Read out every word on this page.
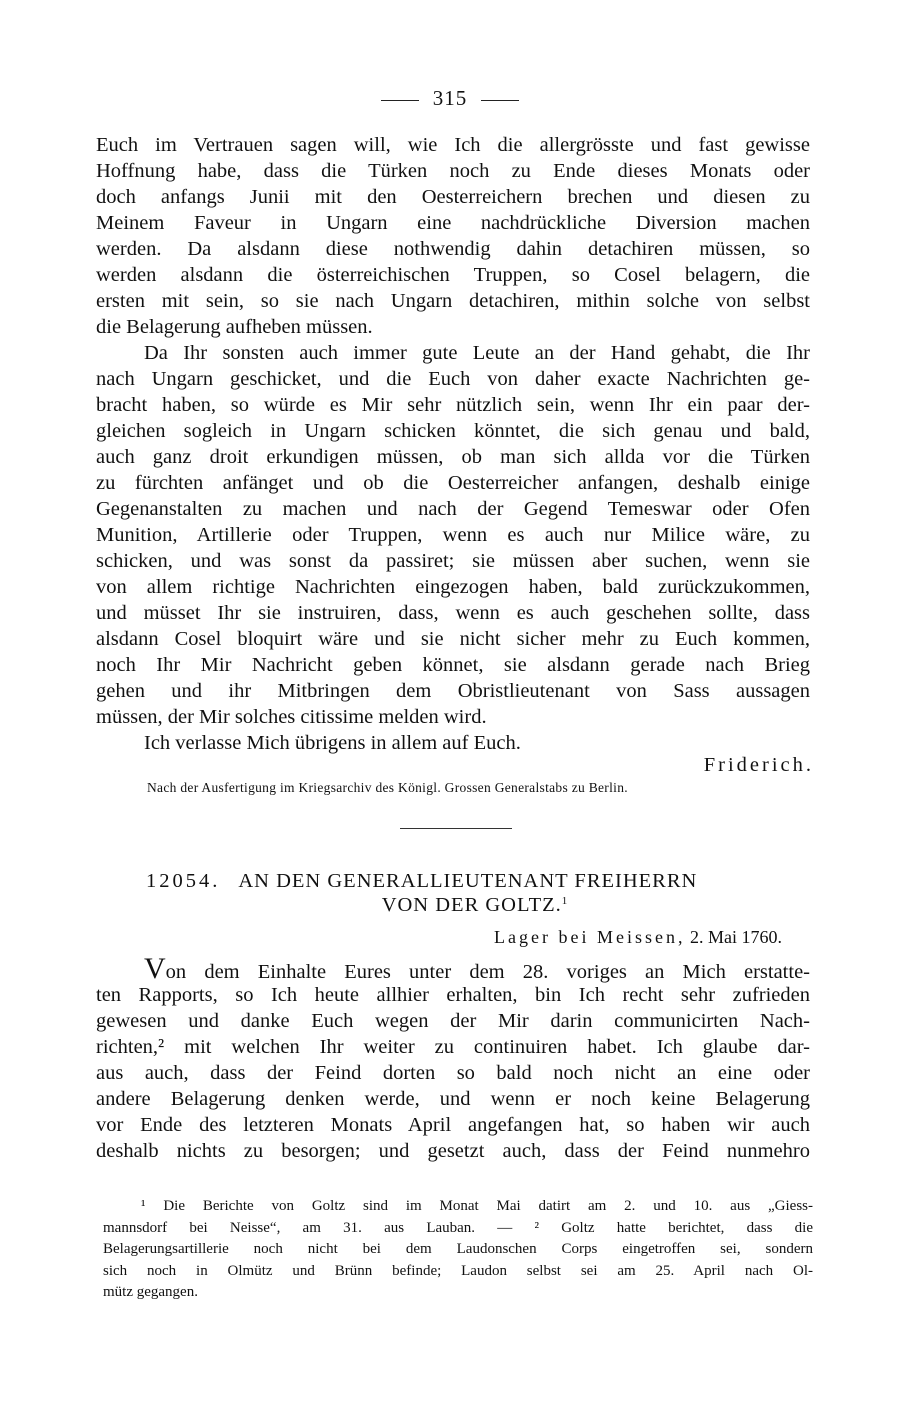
315
Euch im Vertrauen sagen will, wie Ich die allergrösste und fast gewisse
Hoffnung habe, dass die Türken noch zu Ende dieses Monats oder
doch anfangs Junii mit den Oesterreichern brechen und diesen zu
Meinem Faveur in Ungarn eine nachdrückliche Diversion machen
werden. Da alsdann diese nothwendig dahin detachiren müssen, so
werden alsdann die österreichischen Truppen, so Cosel belagern, die
ersten mit sein, so sie nach Ungarn detachiren, mithin solche von selbst
die Belagerung aufheben müssen.
Da Ihr sonsten auch immer gute Leute an der Hand gehabt, die Ihr
nach Ungarn geschicket, und die Euch von daher exacte Nachrichten ge-
bracht haben, so würde es Mir sehr nützlich sein, wenn Ihr ein paar der-
gleichen sogleich in Ungarn schicken könntet, die sich genau und bald,
auch ganz droit erkundigen müssen, ob man sich allda vor die Türken
zu fürchten anfänget und ob die Oesterreicher anfangen, deshalb einige
Gegenanstalten zu machen und nach der Gegend Temeswar oder Ofen
Munition, Artillerie oder Truppen, wenn es auch nur Milice wäre, zu
schicken, und was sonst da passiret; sie müssen aber suchen, wenn sie
von allem richtige Nachrichten eingezogen haben, bald zurückzukommen,
und müsset Ihr sie instruiren, dass, wenn es auch geschehen sollte, dass
alsdann Cosel bloquirt wäre und sie nicht sicher mehr zu Euch kommen,
noch Ihr Mir Nachricht geben könnet, sie alsdann gerade nach Brieg
gehen und ihr Mitbringen dem Obristlieutenant von Sass aussagen
müssen, der Mir solches citissime melden wird.
Ich verlasse Mich übrigens in allem auf Euch.
Friderich.
Nach der Ausfertigung im Kriegsarchiv des Königl. Grossen Generalstabs zu Berlin.
12054. AN DEN GENERALLIEUTENANT FREIHERRN
VON DER GOLTZ.$^1$
Lager bei Meissen, 2. Mai 1760.
Von dem Einhalte Eures unter dem 28. voriges an Mich erstatte-
ten Rapports, so Ich heute allhier erhalten, bin Ich recht sehr zufrieden
gewesen und danke Euch wegen der Mir darin communicirten Nach-
richten,² mit welchen Ihr weiter zu continuiren habet. Ich glaube dar-
aus auch, dass der Feind dorten so bald noch nicht an eine oder
andere Belagerung denken werde, und wenn er noch keine Belagerung
vor Ende des letzteren Monats April angefangen hat, so haben wir auch
deshalb nichts zu besorgen; und gesetzt auch, dass der Feind nunmehro
¹ Die Berichte von Goltz sind im Monat Mai datirt am 2. und 10. aus „Giess-
mannsdorf bei Neisse“, am 31. aus Lauban. — ² Goltz hatte berichtet, dass die
Belagerungsartillerie noch nicht bei dem Laudonschen Corps eingetroffen sei, sondern
sich noch in Olmütz und Brünn befinde; Laudon selbst sei am 25. April nach Ol-
mütz gegangen.
